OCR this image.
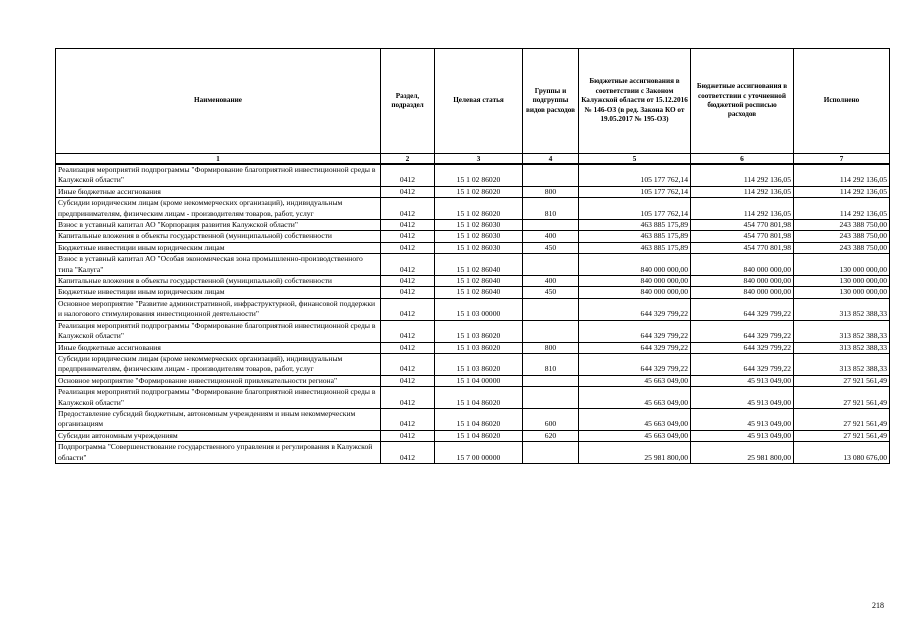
Наименование	Раздел, подраздел	Целевая статья	Группы и подгруппы видов расходов	Бюджетные ассигнования в соответствии с Законом Калужской области от 15.12.2016 № 146-ОЗ (в ред. Закона КО от 19.05.2017 № 195-ОЗ)	Бюджетные ассигнования в соответствии с уточненной бюджетной росписью расходов	Исполнено
1	2	3	4	5	6	7
Реализация мероприятий подпрограммы "Формирование благоприятной инвестиционной среды в Калужской области"	0412	15 1 02 86020		105 177 762,14	114 292 136,05	114 292 136,05
Иные бюджетные ассигнования	0412	15 1 02 86020	800	105 177 762,14	114 292 136,05	114 292 136,05
Субсидии юридическим лицам (кроме некоммерческих организаций), индивидуальным предпринимателям, физическим лицам - производителям товаров, работ, услуг	0412	15 1 02 86020	810	105 177 762,14	114 292 136,05	114 292 136,05
Взнос в уставный капитал АО "Корпорация развития Калужской области"	0412	15 1 02 86030		463 885 175,89	454 770 801,98	243 388 750,00
Капитальные вложения в объекты государственной (муниципальной) собственности	0412	15 1 02 86030	400	463 885 175,89	454 770 801,98	243 388 750,00
Бюджетные инвестиции иным юридическим лицам	0412	15 1 02 86030	450	463 885 175,89	454 770 801,98	243 388 750,00
Взнос в уставный капитал АО "Особая экономическая зона промышленно-производственного типа "Калуга"	0412	15 1 02 86040		840 000 000,00	840 000 000,00	130 000 000,00
Капитальные вложения в объекты государственной (муниципальной) собственности	0412	15 1 02 86040	400	840 000 000,00	840 000 000,00	130 000 000,00
Бюджетные инвестиции иным юридическим лицам	0412	15 1 02 86040	450	840 000 000,00	840 000 000,00	130 000 000,00
Основное мероприятие "Развитие административной, инфраструктурной, финансовой поддержки и налогового стимулирования инвестиционной деятельности"	0412	15 1 03 00000		644 329 799,22	644 329 799,22	313 852 388,33
Реализация мероприятий подпрограммы "Формирование благоприятной инвестиционной среды в Калужской области"	0412	15 1 03 86020		644 329 799,22	644 329 799,22	313 852 388,33
Иные бюджетные ассигнования	0412	15 1 03 86020	800	644 329 799,22	644 329 799,22	313 852 388,33
Субсидии юридическим лицам (кроме некоммерческих организаций), индивидуальным предпринимателям, физическим лицам - производителям товаров, работ, услуг	0412	15 1 03 86020	810	644 329 799,22	644 329 799,22	313 852 388,33
Основное мероприятие "Формирование инвестиционной привлекательности региона"	0412	15 1 04 00000		45 663 049,00	45 913 049,00	27 921 561,49
Реализация мероприятий подпрограммы "Формирование благоприятной инвестиционной среды в Калужской области"	0412	15 1 04 86020		45 663 049,00	45 913 049,00	27 921 561,49
Предоставление субсидий бюджетным, автономным учреждениям и иным некоммерческим организациям	0412	15 1 04 86020	600	45 663 049,00	45 913 049,00	27 921 561,49
Субсидии автономным учреждениям	0412	15 1 04 86020	620	45 663 049,00	45 913 049,00	27 921 561,49
Подпрограмма "Совершенствование государственного управления и регулирования в Калужской области"	0412	15 7 00 00000		25 981 800,00	25 981 800,00	13 080 676,00
218
